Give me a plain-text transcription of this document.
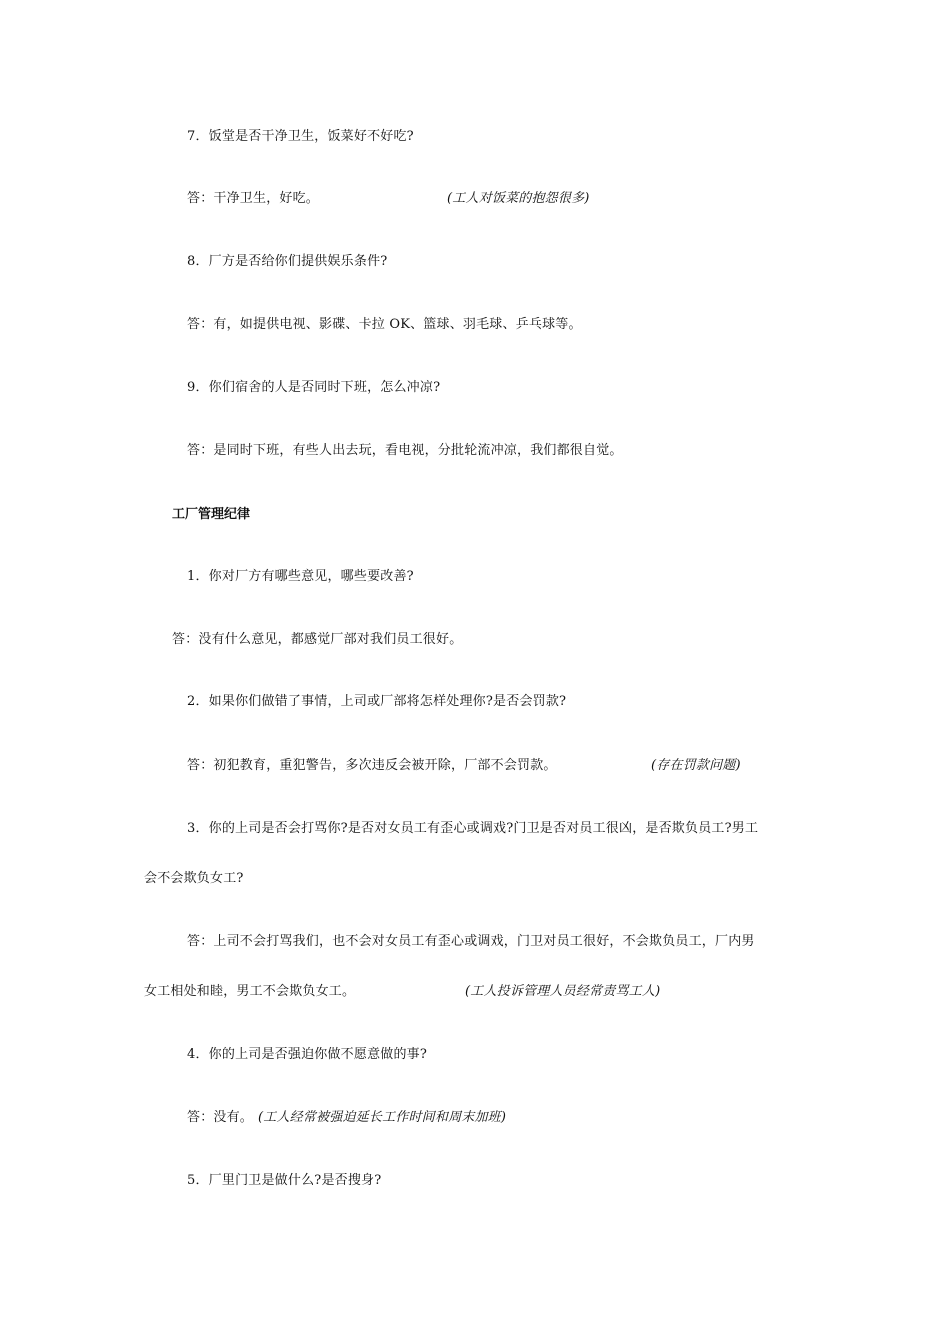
7．饭堂是否干净卫生，饭菜好不好吃?
答：干净卫生，好吃。	(工人对饭菜的抱怨很多)
8．厂方是否给你们提供娱乐条件?
答：有，如提供电视、影碟、卡拉 OK、篮球、羽毛球、乒乓球等。
9．你们宿舍的人是否同时下班，怎么冲凉?
答：是同时下班，有些人出去玩，看电视，分批轮流冲凉，我们都很自觉。
工厂管理纪律
1．你对厂方有哪些意见，哪些要改善?
答：没有什么意见，都感觉厂部对我们员工很好。
2．如果你们做错了事情，上司或厂部将怎样处理你?是否会罚款?
答：初犯教育，重犯警告，多次违反会被开除，厂部不会罚款。	(存在罚款问题)
3．你的上司是否会打骂你?是否对女员工有歪心或调戏?门卫是否对员工很凶，是否欺负员工?男工
会不会欺负女工?
答：上司不会打骂我们，也不会对女员工有歪心或调戏，门卫对员工很好，不会欺负员工，厂内男
女工相处和睦，男工不会欺负女工。	(工人投诉管理人员经常责骂工人)
4．你的上司是否强迫你做不愿意做的事?
答：没有。 (工人经常被强迫延长工作时间和周末加班)
5．厂里门卫是做什么?是否搜身?
